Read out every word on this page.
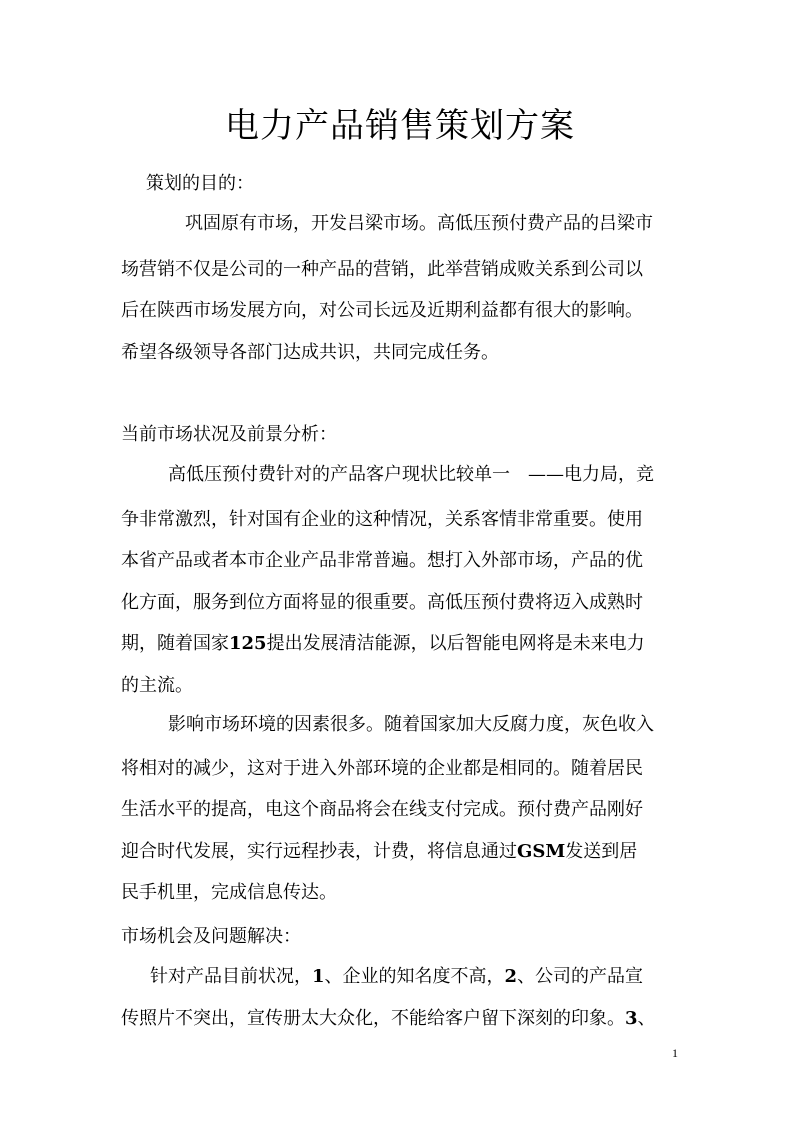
电力产品销售策划方案
策划的目的：
巩固原有市场，开发吕梁市场。高低压预付费产品的吕梁市
场营销不仅是公司的一种产品的营销，此举营销成败关系到公司以
后在陕西市场发展方向，对公司长远及近期利益都有很大的影响。
希望各级领导各部门达成共识，共同完成任务。
当前市场状况及前景分析：
高低压预付费针对的产品客户现状比较单一　——电力局，竞
争非常激烈，针对国有企业的这种情况，关系客情非常重要。使用
本省产品或者本市企业产品非常普遍。想打入外部市场，产品的优
化方面，服务到位方面将显的很重要。高低压预付费将迈入成熟时
期，随着国家125提出发展清洁能源，以后智能电网将是未来电力
的主流。
影响市场环境的因素很多。随着国家加大反腐力度，灰色收入
将相对的减少，这对于进入外部环境的企业都是相同的。随着居民
生活水平的提高，电这个商品将会在线支付完成。预付费产品刚好
迎合时代发展，实行远程抄表，计费，将信息通过GSM发送到居
民手机里，完成信息传达。
市场机会及问题解决：
针对产品目前状况，1、企业的知名度不高，2、公司的产品宣
传照片不突出，宣传册太大众化，不能给客户留下深刻的印象。3、
1
